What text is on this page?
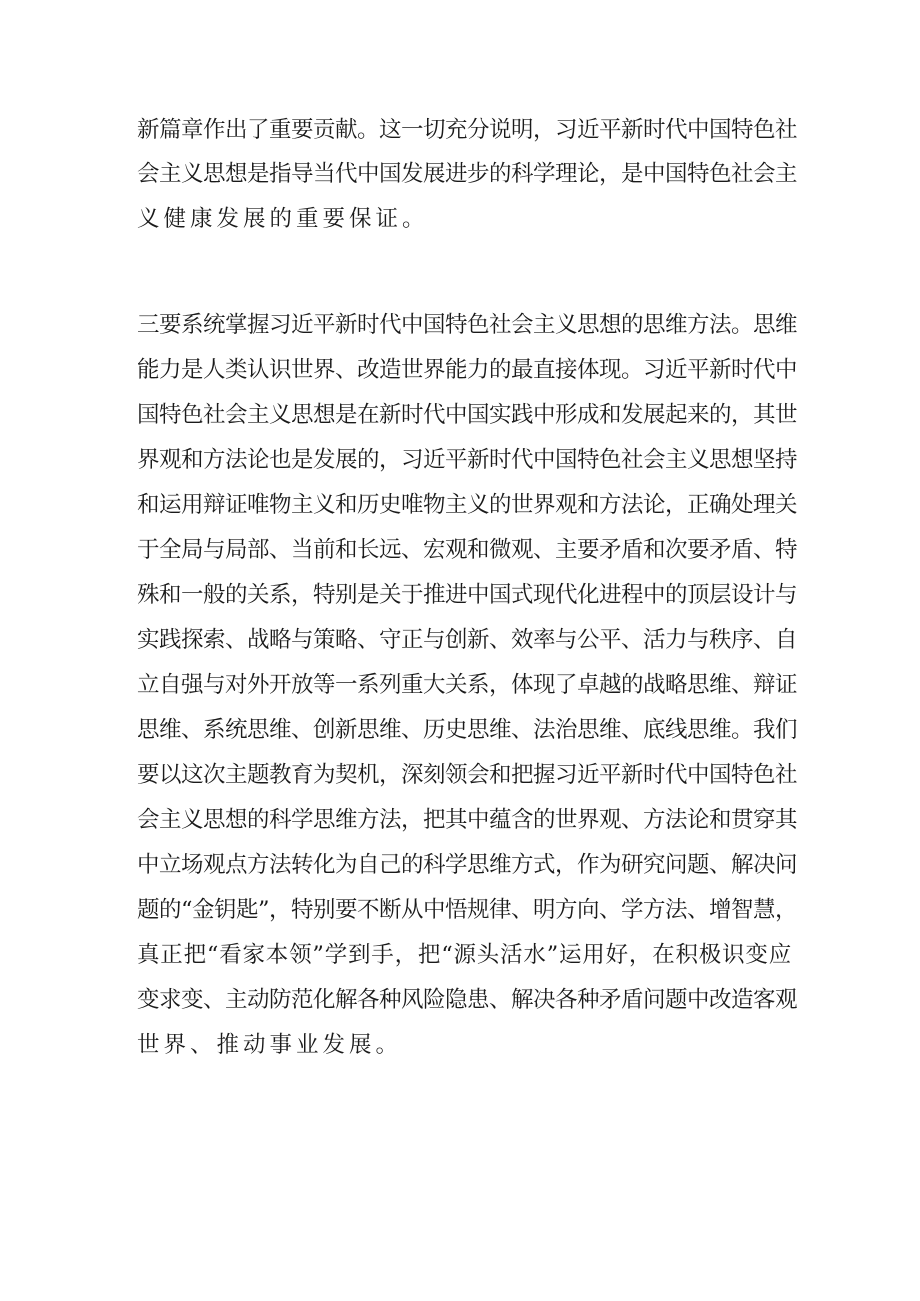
新篇章作出了重要贡献。这一切充分说明，习近平新时代中国特色社
会主义思想是指导当代中国发展进步的科学理论，是中国特色社会主
义健康发展的重要保证。
三要系统掌握习近平新时代中国特色社会主义思想的思维方法。思维
能力是人类认识世界、改造世界能力的最直接体现。习近平新时代中
国特色社会主义思想是在新时代中国实践中形成和发展起来的，其世
界观和方法论也是发展的，习近平新时代中国特色社会主义思想坚持
和运用辩证唯物主义和历史唯物主义的世界观和方法论，正确处理关
于全局与局部、当前和长远、宏观和微观、主要矛盾和次要矛盾、特
殊和一般的关系，特别是关于推进中国式现代化进程中的顶层设计与
实践探索、战略与策略、守正与创新、效率与公平、活力与秩序、自
立自强与对外开放等一系列重大关系，体现了卓越的战略思维、辩证
思维、系统思维、创新思维、历史思维、法治思维、底线思维。我们
要以这次主题教育为契机，深刻领会和把握习近平新时代中国特色社
会主义思想的科学思维方法，把其中蕴含的世界观、方法论和贯穿其
中立场观点方法转化为自己的科学思维方式，作为研究问题、解决问
题的“金钥匙”，特别要不断从中悟规律、明方向、学方法、增智慧，
真正把“看家本领”学到手，把“源头活水”运用好，在积极识变应
变求变、主动防范化解各种风险隐患、解决各种矛盾问题中改造客观
世界、推动事业发展。
